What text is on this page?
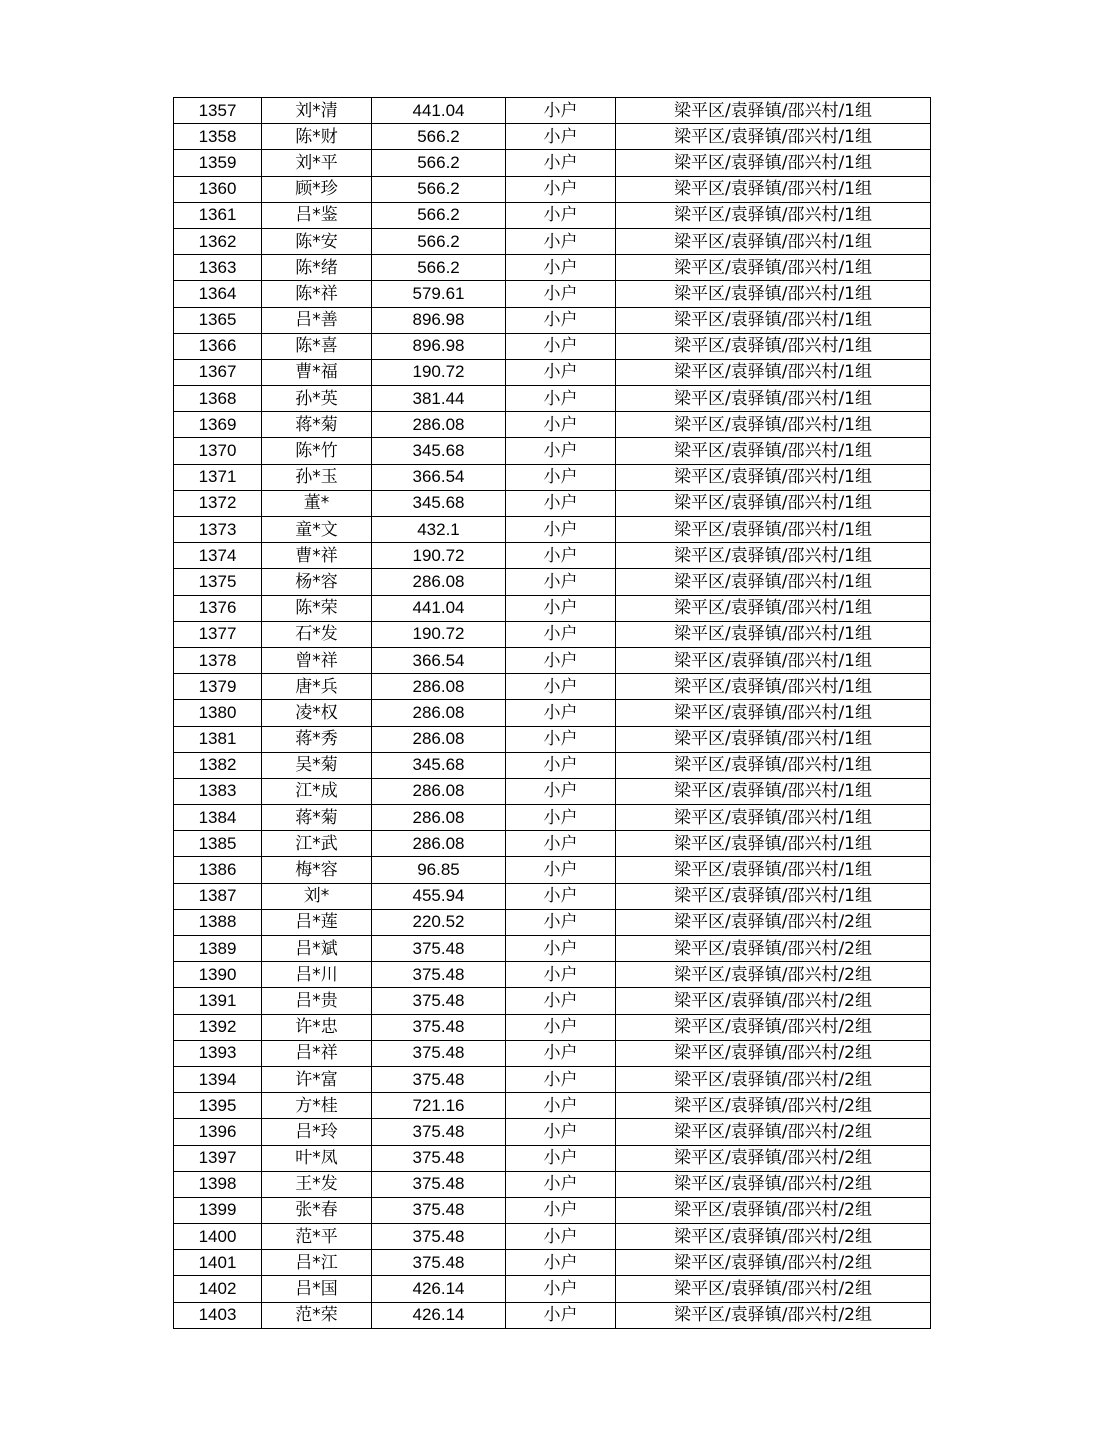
1357	刘*清	441.04	小户	梁平区/袁驿镇/邵兴村/1组
1358	陈*财	566.2	小户	梁平区/袁驿镇/邵兴村/1组
1359	刘*平	566.2	小户	梁平区/袁驿镇/邵兴村/1组
1360	顾*珍	566.2	小户	梁平区/袁驿镇/邵兴村/1组
1361	吕*鉴	566.2	小户	梁平区/袁驿镇/邵兴村/1组
1362	陈*安	566.2	小户	梁平区/袁驿镇/邵兴村/1组
1363	陈*绪	566.2	小户	梁平区/袁驿镇/邵兴村/1组
1364	陈*祥	579.61	小户	梁平区/袁驿镇/邵兴村/1组
1365	吕*善	896.98	小户	梁平区/袁驿镇/邵兴村/1组
1366	陈*喜	896.98	小户	梁平区/袁驿镇/邵兴村/1组
1367	曹*福	190.72	小户	梁平区/袁驿镇/邵兴村/1组
1368	孙*英	381.44	小户	梁平区/袁驿镇/邵兴村/1组
1369	蒋*菊	286.08	小户	梁平区/袁驿镇/邵兴村/1组
1370	陈*竹	345.68	小户	梁平区/袁驿镇/邵兴村/1组
1371	孙*玉	366.54	小户	梁平区/袁驿镇/邵兴村/1组
1372	董*	345.68	小户	梁平区/袁驿镇/邵兴村/1组
1373	童*文	432.1	小户	梁平区/袁驿镇/邵兴村/1组
1374	曹*祥	190.72	小户	梁平区/袁驿镇/邵兴村/1组
1375	杨*容	286.08	小户	梁平区/袁驿镇/邵兴村/1组
1376	陈*荣	441.04	小户	梁平区/袁驿镇/邵兴村/1组
1377	石*发	190.72	小户	梁平区/袁驿镇/邵兴村/1组
1378	曾*祥	366.54	小户	梁平区/袁驿镇/邵兴村/1组
1379	唐*兵	286.08	小户	梁平区/袁驿镇/邵兴村/1组
1380	凌*权	286.08	小户	梁平区/袁驿镇/邵兴村/1组
1381	蒋*秀	286.08	小户	梁平区/袁驿镇/邵兴村/1组
1382	吴*菊	345.68	小户	梁平区/袁驿镇/邵兴村/1组
1383	江*成	286.08	小户	梁平区/袁驿镇/邵兴村/1组
1384	蒋*菊	286.08	小户	梁平区/袁驿镇/邵兴村/1组
1385	江*武	286.08	小户	梁平区/袁驿镇/邵兴村/1组
1386	梅*容	96.85	小户	梁平区/袁驿镇/邵兴村/1组
1387	刘*	455.94	小户	梁平区/袁驿镇/邵兴村/1组
1388	吕*莲	220.52	小户	梁平区/袁驿镇/邵兴村/2组
1389	吕*斌	375.48	小户	梁平区/袁驿镇/邵兴村/2组
1390	吕*川	375.48	小户	梁平区/袁驿镇/邵兴村/2组
1391	吕*贵	375.48	小户	梁平区/袁驿镇/邵兴村/2组
1392	许*忠	375.48	小户	梁平区/袁驿镇/邵兴村/2组
1393	吕*祥	375.48	小户	梁平区/袁驿镇/邵兴村/2组
1394	许*富	375.48	小户	梁平区/袁驿镇/邵兴村/2组
1395	方*桂	721.16	小户	梁平区/袁驿镇/邵兴村/2组
1396	吕*玲	375.48	小户	梁平区/袁驿镇/邵兴村/2组
1397	叶*凤	375.48	小户	梁平区/袁驿镇/邵兴村/2组
1398	王*发	375.48	小户	梁平区/袁驿镇/邵兴村/2组
1399	张*春	375.48	小户	梁平区/袁驿镇/邵兴村/2组
1400	范*平	375.48	小户	梁平区/袁驿镇/邵兴村/2组
1401	吕*江	375.48	小户	梁平区/袁驿镇/邵兴村/2组
1402	吕*国	426.14	小户	梁平区/袁驿镇/邵兴村/2组
1403	范*荣	426.14	小户	梁平区/袁驿镇/邵兴村/2组
